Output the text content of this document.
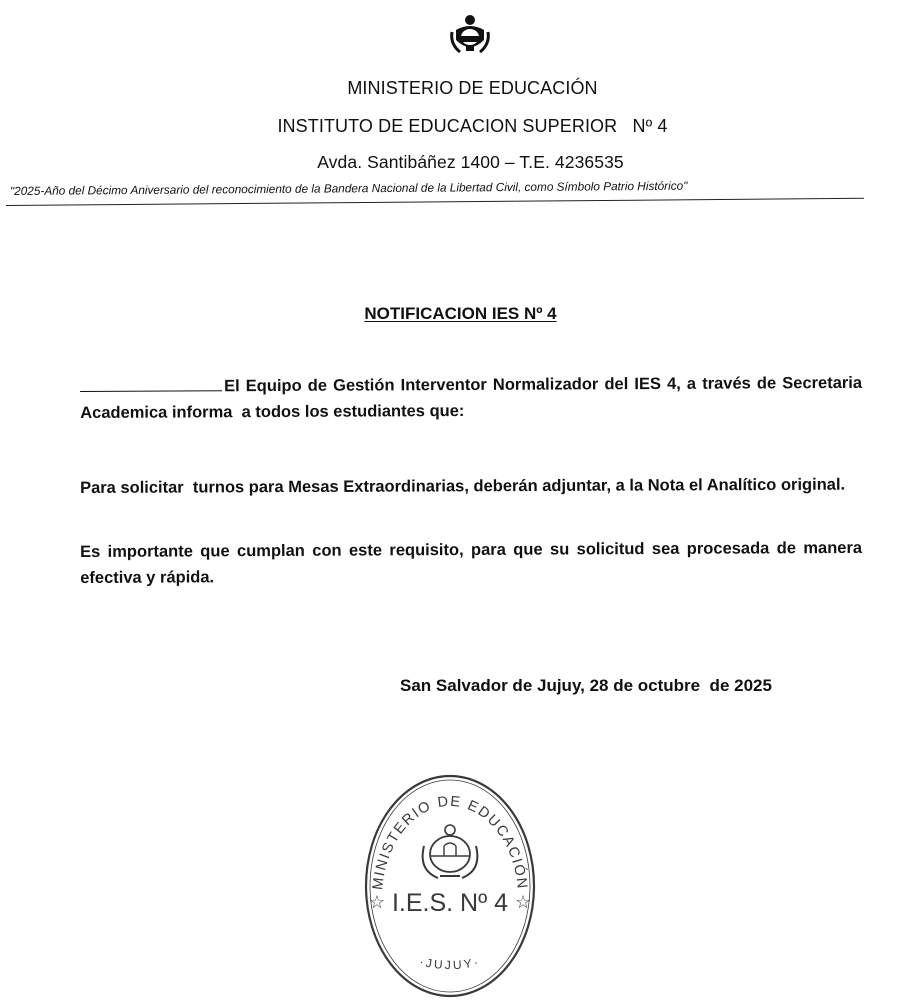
MINISTERIO DE EDUCACIÓN
INSTITUTO DE EDUCACION SUPERIOR   Nº 4
Avda. Santibáñez 1400 – T.E. 4236535
"2025-Año del Décimo Aniversario del reconocimiento de la Bandera Nacional de la Libertad Civil, como Símbolo Patrio Histórico"
NOTIFICACION IES Nº 4
El Equipo de Gestión Interventor Normalizador del IES 4, a través de Secretaria Academica informa  a todos los estudiantes que:
Para solicitar  turnos para Mesas Extraordinarias, deberán adjuntar, a la Nota el Analítico original.
Es importante que cumplan con este requisito, para que su solicitud sea procesada de manera efectiva y rápida.
San Salvador de Jujuy, 28 de octubre  de 2025
MINISTERIO DE EDUCACIÓN
·JUJUY·
☆ I.E.S. Nº 4 ☆
